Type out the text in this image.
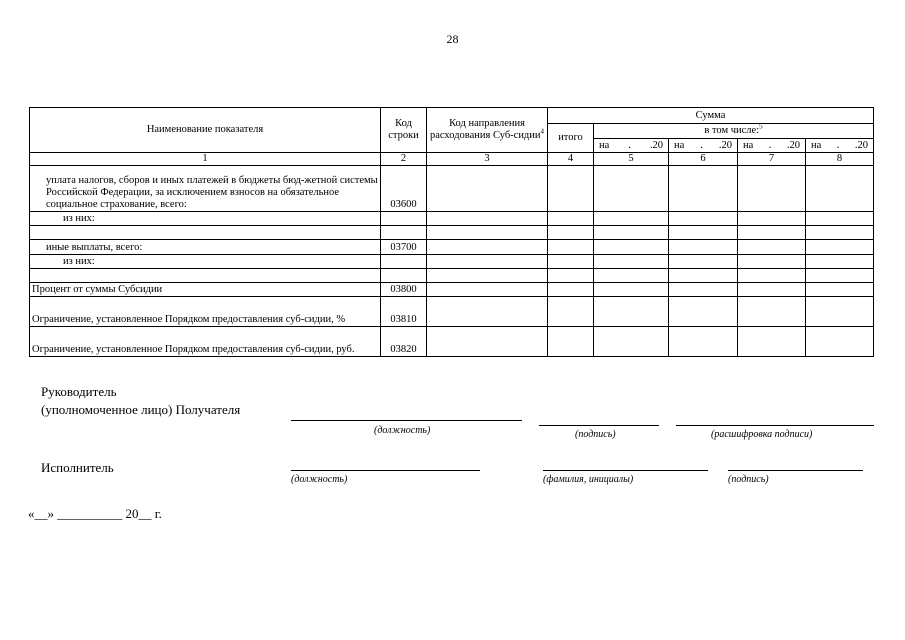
28
Наименование показателя	Код строки	Код направления расходования Суб-сидии$^4$	Сумма				
			итого	в том числе:$^5$

				на . .20	на . .20	на . .20	на . .20

1	2	3	4	5	6	7	8
уплата налогов, сборов и иных платежей в бюджеты бюд-жетной системы Российской Федерации, за исключением взносов на обязательное социальное страхование, всего:	03600						
из них:							

иные выплаты, всего:	03700						
из них:							

Процент от суммы Субсидии	03800						
Ограничение, установленное Порядком предоставления суб-сидии, %	03810						
Ограничение, установленное Порядком предоставления суб-сидии, руб.	03820						
Руководитель
(уполномоченное лицо) Получателя
(должность)	(подпись)	(расшифровка подписи)
Исполнитель
(должность)	(фамилия, инициалы)	(подпись)
«__» __________ 20__ г.
